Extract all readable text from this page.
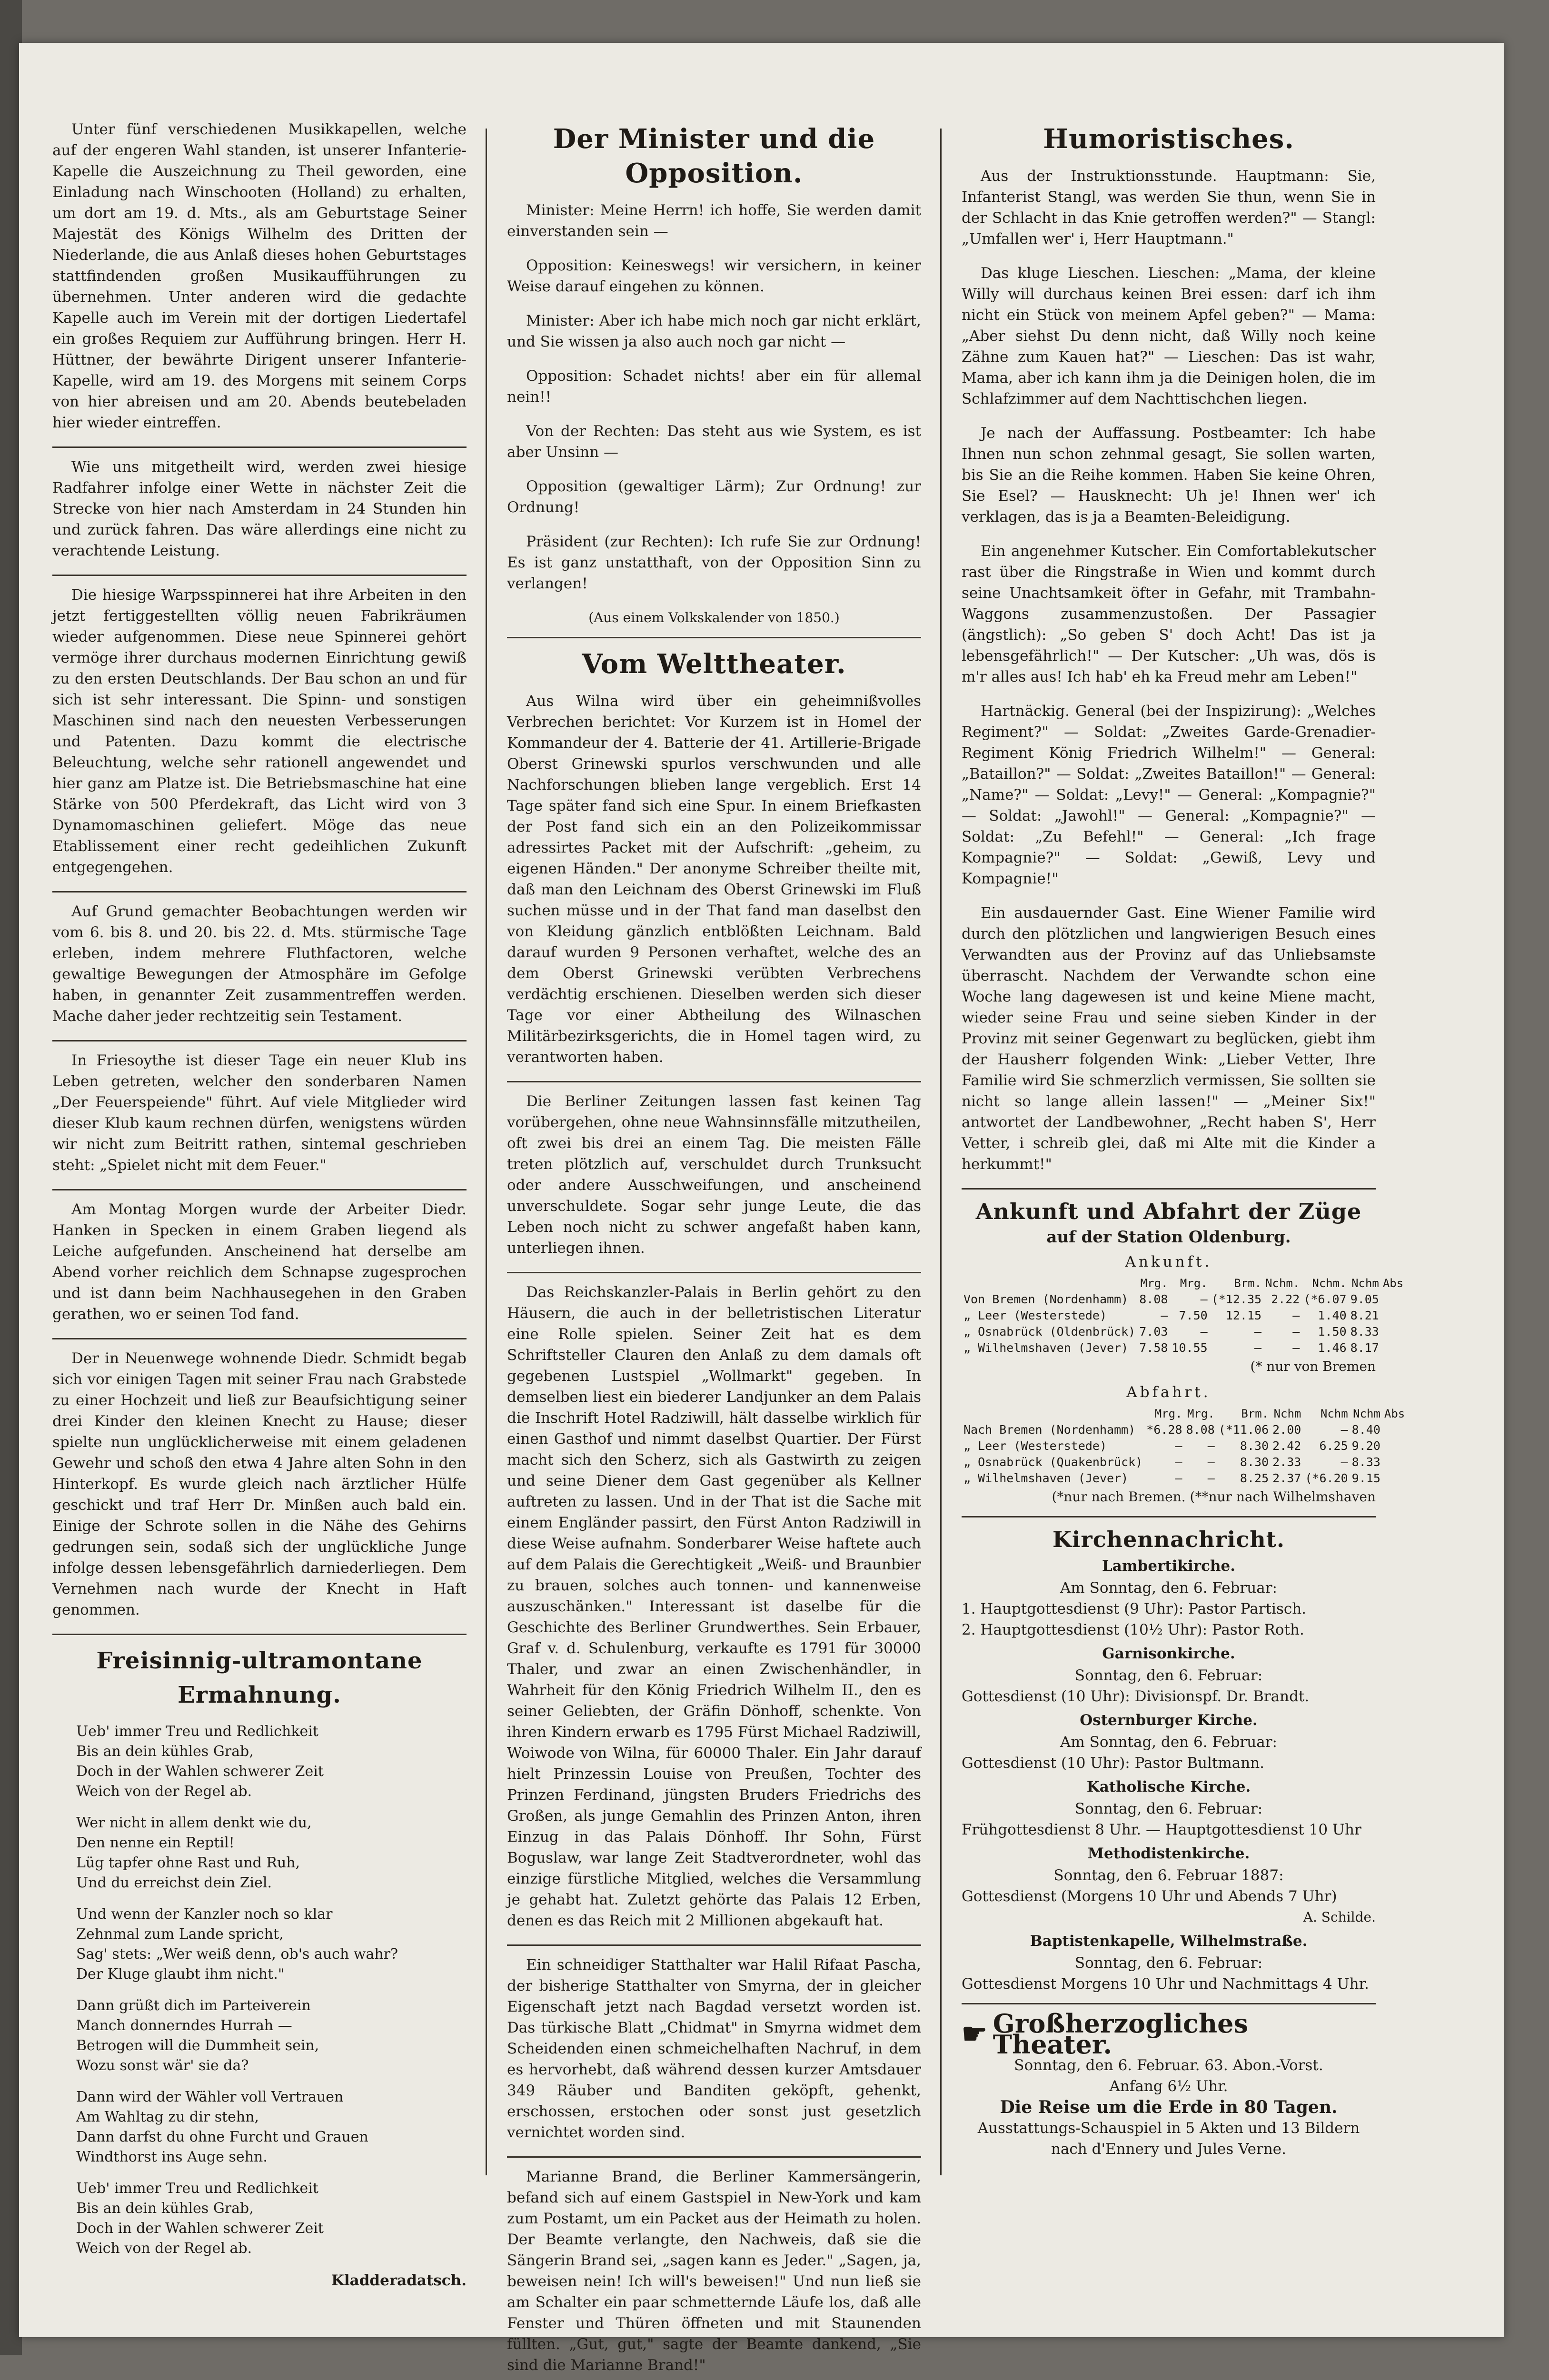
Unter fünf verschiedenen Musikkapellen, welche auf der engeren Wahl standen, ist unserer Infanterie-Kapelle die Auszeichnung zu Theil geworden, eine Einladung nach Winschooten (Holland) zu erhalten, um dort am 19. d. Mts., als am Geburtstage Seiner Majestät des Königs Wilhelm des Dritten der Niederlande, die aus Anlaß dieses hohen Geburtstages stattfindenden großen Musikaufführungen zu übernehmen. Unter anderen wird die gedachte Kapelle auch im Verein mit der dortigen Liedertafel ein großes Requiem zur Aufführung bringen. Herr H. Hüttner, der bewährte Dirigent unserer Infanterie-Kapelle, wird am 19. des Morgens mit seinem Corps von hier abreisen und am 20. Abends beutebeladen hier wieder eintreffen.

Wie uns mitgetheilt wird, werden zwei hiesige Radfahrer infolge einer Wette in nächster Zeit die Strecke von hier nach Amsterdam in 24 Stunden hin und zurück fahren. Das wäre allerdings eine nicht zu verachtende Leistung.

Die hiesige Warpsspinnerei hat ihre Arbeiten in den jetzt fertiggestellten völlig neuen Fabrikräumen wieder aufgenommen. Diese neue Spinnerei gehört vermöge ihrer durchaus modernen Einrichtung gewiß zu den ersten Deutschlands. Der Bau schon an und für sich ist sehr interessant. Die Spinn- und sonstigen Maschinen sind nach den neuesten Verbesserungen und Patenten. Dazu kommt die electrische Beleuchtung, welche sehr rationell angewendet und hier ganz am Platze ist. Die Betriebsmaschine hat eine Stärke von 500 Pferdekraft, das Licht wird von 3 Dynamomaschinen geliefert. Möge das neue Etablissement einer recht gedeihlichen Zukunft entgegengehen.

Auf Grund gemachter Beobachtungen werden wir vom 6. bis 8. und 20. bis 22. d. Mts. stürmische Tage erleben, indem mehrere Fluthfactoren, welche gewaltige Bewegungen der Atmosphäre im Gefolge haben, in genannter Zeit zusammentreffen werden. Mache daher jeder rechtzeitig sein Testament.

In Friesoythe ist dieser Tage ein neuer Klub ins Leben getreten, welcher den sonderbaren Namen „Der Feuerspeiende" führt. Auf viele Mitglieder wird dieser Klub kaum rechnen dürfen, wenigstens würden wir nicht zum Beitritt rathen, sintemal geschrieben steht: „Spielet nicht mit dem Feuer."

Am Montag Morgen wurde der Arbeiter Diedr. Hanken in Specken in einem Graben liegend als Leiche aufgefunden. Anscheinend hat derselbe am Abend vorher reichlich dem Schnapse zugesprochen und ist dann beim Nachhausegehen in den Graben gerathen, wo er seinen Tod fand.

Der in Neuenwege wohnende Diedr. Schmidt begab sich vor einigen Tagen mit seiner Frau nach Grabstede zu einer Hochzeit und ließ zur Beaufsichtigung seiner drei Kinder den kleinen Knecht zu Hause; dieser spielte nun unglücklicherweise mit einem geladenen Gewehr und schoß den etwa 4 Jahre alten Sohn in den Hinterkopf. Es wurde gleich nach ärztlicher Hülfe geschickt und traf Herr Dr. Minßen auch bald ein. Einige der Schrote sollen in die Nähe des Gehirns gedrungen sein, sodaß sich der unglückliche Junge infolge dessen lebensgefährlich darniederliegen. Dem Vernehmen nach wurde der Knecht in Haft genommen.

Freisinnig-ultramontane Ermahnung.
Ueb' immer Treu und Redlichkeit
Bis an dein kühles Grab,
Doch in der Wahlen schwerer Zeit
Weich von der Regel ab.
Wer nicht in allem denkt wie du,
Den nenne ein Reptil!
Lüg tapfer ohne Rast und Ruh,
Und du erreichst dein Ziel.
Und wenn der Kanzler noch so klar
Zehnmal zum Lande spricht,
Sag' stets: „Wer weiß denn, ob's auch wahr?
Der Kluge glaubt ihm nicht."
Dann grüßt dich im Parteiverein
Manch donnerndes Hurrah —
Betrogen will die Dummheit sein,
Wozu sonst wär' sie da?
Dann wird der Wähler voll Vertrauen
Am Wahltag zu dir stehn,
Dann darfst du ohne Furcht und Grauen
Windthorst ins Auge sehn.
Ueb' immer Treu und Redlichkeit
Bis an dein kühles Grab,
Doch in der Wahlen schwerer Zeit
Weich von der Regel ab.
Kladderadatsch.
Der Minister und die Opposition.

Minister: Meine Herrn! ich hoffe, Sie werden damit einverstanden sein —

Opposition: Keineswegs! wir versichern, in keiner Weise darauf eingehen zu können.

Minister: Aber ich habe mich noch gar nicht erklärt, und Sie wissen ja also auch noch gar nicht —

Opposition: Schadet nichts! aber ein für allemal nein!!

Von der Rechten: Das steht aus wie System, es ist aber Unsinn —

Opposition (gewaltiger Lärm); Zur Ordnung! zur Ordnung!

Präsident (zur Rechten): Ich rufe Sie zur Ordnung! Es ist ganz unstatthaft, von der Opposition Sinn zu verlangen!

(Aus einem Volkskalender von 1850.)

Vom Welttheater.

Aus Wilna wird über ein geheimnißvolles Verbrechen berichtet: Vor Kurzem ist in Homel der Kommandeur der 4. Batterie der 41. Artillerie-Brigade Oberst Grinewski spurlos verschwunden und alle Nachforschungen blieben lange vergeblich. Erst 14 Tage später fand sich eine Spur. In einem Briefkasten der Post fand sich ein an den Polizeikommissar adressirtes Packet mit der Aufschrift: „geheim, zu eigenen Händen." Der anonyme Schreiber theilte mit, daß man den Leichnam des Oberst Grinewski im Fluß suchen müsse und in der That fand man daselbst den von Kleidung gänzlich entblößten Leichnam. Bald darauf wurden 9 Personen verhaftet, welche des an dem Oberst Grinewski verübten Verbrechens verdächtig erschienen. Dieselben werden sich dieser Tage vor einer Abtheilung des Wilnaschen Militärbezirksgerichts, die in Homel tagen wird, zu verantworten haben.

Die Berliner Zeitungen lassen fast keinen Tag vorübergehen, ohne neue Wahnsinnsfälle mitzutheilen, oft zwei bis drei an einem Tag. Die meisten Fälle treten plötzlich auf, verschuldet durch Trunksucht oder andere Ausschweifungen, und anscheinend unverschuldete. Sogar sehr junge Leute, die das Leben noch nicht zu schwer angefaßt haben kann, unterliegen ihnen.

Das Reichskanzler-Palais in Berlin gehört zu den Häusern, die auch in der belletristischen Literatur eine Rolle spielen. Seiner Zeit hat es dem Schriftsteller Clauren den Anlaß zu dem damals oft gegebenen Lustspiel „Wollmarkt" gegeben. In demselben liest ein biederer Landjunker an dem Palais die Inschrift Hotel Radziwill, hält dasselbe wirklich für einen Gasthof und nimmt daselbst Quartier. Der Fürst macht sich den Scherz, sich als Gastwirth zu zeigen und seine Diener dem Gast gegenüber als Kellner auftreten zu lassen. Und in der That ist die Sache mit einem Engländer passirt, den Fürst Anton Radziwill in diese Weise aufnahm. Sonderbarer Weise haftete auch auf dem Palais die Gerechtigkeit „Weiß- und Braunbier zu brauen, solches auch tonnen- und kannenweise auszuschänken." Interessant ist daselbe für die Geschichte des Berliner Grundwerthes. Sein Erbauer, Graf v. d. Schulenburg, verkaufte es 1791 für 30000 Thaler, und zwar an einen Zwischenhändler, in Wahrheit für den König Friedrich Wilhelm II., den es seiner Geliebten, der Gräfin Dönhoff, schenkte. Von ihren Kindern erwarb es 1795 Fürst Michael Radziwill, Woiwode von Wilna, für 60000 Thaler. Ein Jahr darauf hielt Prinzessin Louise von Preußen, Tochter des Prinzen Ferdinand, jüngsten Bruders Friedrichs des Großen, als junge Gemahlin des Prinzen Anton, ihren Einzug in das Palais Dönhoff. Ihr Sohn, Fürst Boguslaw, war lange Zeit Stadtverordneter, wohl das einzige fürstliche Mitglied, welches die Versammlung je gehabt hat. Zuletzt gehörte das Palais 12 Erben, denen es das Reich mit 2 Millionen abgekauft hat.

Ein schneidiger Statthalter war Halil Rifaat Pascha, der bisherige Statthalter von Smyrna, der in gleicher Eigenschaft jetzt nach Bagdad versetzt worden ist. Das türkische Blatt „Chidmat" in Smyrna widmet dem Scheidenden einen schmeichelhaften Nachruf, in dem es hervorhebt, daß während dessen kurzer Amtsdauer 349 Räuber und Banditen geköpft, gehenkt, erschossen, erstochen oder sonst just gesetzlich vernichtet worden sind.

Marianne Brand, die Berliner Kammersängerin, befand sich auf einem Gastspiel in New-York und kam zum Postamt, um ein Packet aus der Heimath zu holen. Der Beamte verlangte, den Nachweis, daß sie die Sängerin Brand sei, „sagen kann es Jeder." „Sagen, ja, beweisen nein! Ich will's beweisen!" Und nun ließ sie am Schalter ein paar schmetternde Läufe los, daß alle Fenster und Thüren öffneten und mit Staunenden füllten. „Gut, gut," sagte der Beamte dankend, „Sie sind die Marianne Brand!"

Humoristisches.

Aus der Instruktionsstunde. Hauptmann: Sie, Infanterist Stangl, was werden Sie thun, wenn Sie in der Schlacht in das Knie getroffen werden?" — Stangl: „Umfallen wer' i, Herr Hauptmann."

Das kluge Lieschen. Lieschen: „Mama, der kleine Willy will durchaus keinen Brei essen: darf ich ihm nicht ein Stück von meinem Apfel geben?" — Mama: „Aber siehst Du denn nicht, daß Willy noch keine Zähne zum Kauen hat?" — Lieschen: Das ist wahr, Mama, aber ich kann ihm ja die Deinigen holen, die im Schlafzimmer auf dem Nachttischchen liegen.

Je nach der Auffassung. Postbeamter: Ich habe Ihnen nun schon zehnmal gesagt, Sie sollen warten, bis Sie an die Reihe kommen. Haben Sie keine Ohren, Sie Esel? — Hausknecht: Uh je! Ihnen wer' ich verklagen, das is ja a Beamten-Beleidigung.

Ein angenehmer Kutscher. Ein Comfortablekutscher rast über die Ringstraße in Wien und kommt durch seine Unachtsamkeit öfter in Gefahr, mit Trambahn-Waggons zusammenzustoßen. Der Passagier (ängstlich): „So geben S' doch Acht! Das ist ja lebensgefährlich!" — Der Kutscher: „Uh was, dös is m'r alles aus! Ich hab' eh ka Freud mehr am Leben!"

Hartnäckig. General (bei der Inspizirung): „Welches Regiment?" — Soldat: „Zweites Garde-Grenadier-Regiment König Friedrich Wilhelm!" — General: „Bataillon?" — Soldat: „Zweites Bataillon!" — General: „Name?" — Soldat: „Levy!" — General: „Kompagnie?" — Soldat: „Jawohl!" — General: „Kompagnie?" — Soldat: „Zu Befehl!" — General: „Ich frage Kompagnie?" — Soldat: „Gewiß, Levy und Kompagnie!"

Ein ausdauernder Gast. Eine Wiener Familie wird durch den plötzlichen und langwierigen Besuch eines Verwandten aus der Provinz auf das Unliebsamste überrascht. Nachdem der Verwandte schon eine Woche lang dagewesen ist und keine Miene macht, wieder seine Frau und seine sieben Kinder in der Provinz mit seiner Gegenwart zu beglücken, giebt ihm der Hausherr folgenden Wink: „Lieber Vetter, Ihre Familie wird Sie schmerzlich vermissen, Sie sollten sie nicht so lange allein lassen!" — „Meiner Six!" antwortet der Landbewohner, „Recht haben S', Herr Vetter, i schreib glei, daß mi Alte mit die Kinder a herkummt!"

Ankunft und Abfahrt der Züge
auf der Station Oldenburg.
Ankunft.
	Mrg.	Mrg.	Brm.	Nchm.	Nchm.	Nchm	Abs
Von Bremen (Nordenhamm)	8.08	—	(*12.35	2.22	(*6.07	9.05	
„ Leer (Westerstede)	—	7.50	12.15	—	1.40	8.21	
„ Osnabrück (Oldenbrück)	7.03	—	—	—	1.50	8.33	
„ Wilhelmshaven (Jever)	7.58	10.55	—	—	1.46	8.17	
(* nur von Bremen
Abfahrt.
	Mrg.	Mrg.	Brm.	Nchm	Nchm	Nchm	Abs
Nach Bremen (Nordenhamm)	*6.28	8.08	(*11.06	2.00	—	8.40	
„ Leer (Westerstede)	—	—	8.30	2.42	6.25	9.20	
„ Osnabrück (Quakenbrück)	—	—	8.30	2.33	—	8.33	
„ Wilhelmshaven (Jever)	—	—	8.25	2.37	(*6.20	9.15	
(*nur nach Bremen. (**nur nach Wilhelmshaven
Kirchennachricht.

Lambertikirche.

Am Sonntag, den 6. Februar:

1. Hauptgottesdienst (9 Uhr): Pastor Partisch.

2. Hauptgottesdienst (10½ Uhr): Pastor Roth.

Garnisonkirche.

Sonntag, den 6. Februar:

Gottesdienst (10 Uhr): Divisionspf. Dr. Brandt.

Osternburger Kirche.

Am Sonntag, den 6. Februar:

Gottesdienst (10 Uhr): Pastor Bultmann.

Katholische Kirche.

Sonntag, den 6. Februar:

Frühgottesdienst 8 Uhr. — Hauptgottesdienst 10 Uhr

Methodistenkirche.

Sonntag, den 6. Februar 1887:

Gottesdienst (Morgens 10 Uhr und Abends 7 Uhr)

A. Schilde.

Baptistenkapelle, Wilhelmstraße.

Sonntag, den 6. Februar:

Gottesdienst Morgens 10 Uhr und Nachmittags 4 Uhr.

☛ Großherzogliches Theater.

Sonntag, den 6. Februar. 63. Abon.-Vorst.

Anfang 6½ Uhr.

Die Reise um die Erde in 80 Tagen.

Ausstattungs-Schauspiel in 5 Akten und 13 Bildern nach d'Ennery und Jules Verne.
